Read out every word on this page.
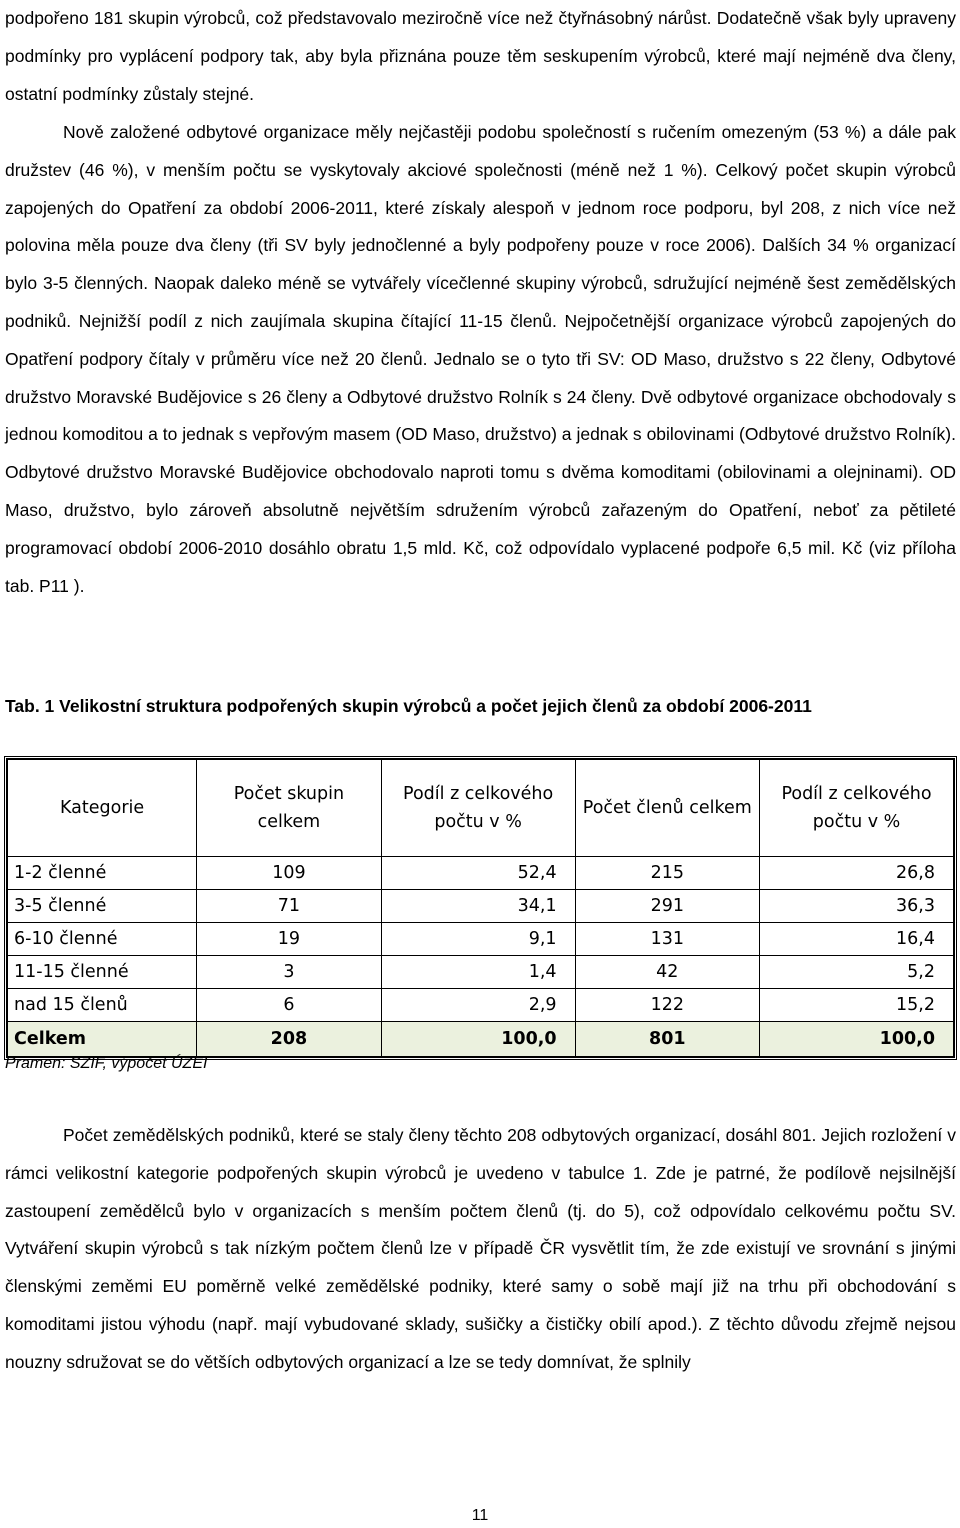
podpořeno 181 skupin výrobců, což představovalo meziročně více než čtyřnásobný nárůst. Dodatečně však byly upraveny podmínky pro vyplácení podpory tak, aby byla přiznána pouze těm seskupením výrobců, které mají nejméně dva členy, ostatní podmínky zůstaly stejné.

Nově založené odbytové organizace měly nejčastěji podobu společností s ručením omezeným (53 %) a dále pak družstev (46 %), v menším počtu se vyskytovaly akciové společnosti (méně než 1 %). Celkový počet skupin výrobců zapojených do Opatření za období 2006-2011, které získaly alespoň v jednom roce podporu, byl 208, z nich více než polovina měla pouze dva členy (tři SV byly jednočlenné a byly podpořeny pouze v roce 2006). Dalších 34 % organizací bylo 3-5 členných. Naopak daleko méně se vytvářely vícečlenné skupiny výrobců, sdružující nejméně šest zemědělských podniků. Nejnižší podíl z nich zaujímala skupina čítající 11-15 členů. Nejpočetnější organizace výrobců zapojených do Opatření podpory čítaly v průměru více než 20 členů. Jednalo se o tyto tři SV: OD Maso, družstvo s 22 členy, Odbytové družstvo Moravské Budějovice s 26 členy a Odbytové družstvo Rolník s 24 členy. Dvě odbytové organizace obchodovaly s jednou komoditou a to jednak s vepřovým masem (OD Maso, družstvo) a jednak s obilovinami (Odbytové družstvo Rolník). Odbytové družstvo Moravské Budějovice obchodovalo naproti tomu s dvěma komoditami (obilovinami a olejninami). OD Maso, družstvo, bylo zároveň absolutně největším sdružením výrobců zařazeným do Opatření, neboť za pětileté programovací období 2006-2010 dosáhlo obratu 1,5 mld. Kč, což odpovídalo vyplacené podpoře 6,5 mil. Kč (viz příloha tab. P11 ).

Tab. 1 Velikostní struktura podpořených skupin výrobců a počet jejich členů za období 2006-2011

Kategorie	Počet skupin celkem	Podíl z celkového počtu v %	Počet členů celkem	Podíl z celkového počtu v %
1-2 členné	109	52,4	215	26,8
3-5 členné	71	34,1	291	36,3
6-10 členné	19	9,1	131	16,4
11-15 členné	3	1,4	42	5,2
nad 15 členů	6	2,9	122	15,2
Celkem	208	100,0	801	100,0
Pramen: SZIF, výpočet ÚZEI

Počet zemědělských podniků, které se staly členy těchto 208 odbytových organizací, dosáhl 801. Jejich rozložení v rámci velikostní kategorie podpořených skupin výrobců je uvedeno v tabulce 1. Zde je patrné, že podílově nejsilnější zastoupení zemědělců bylo v organizacích s menším počtem členů (tj. do 5), což odpovídalo celkovému počtu SV. Vytváření skupin výrobců s tak nízkým počtem členů lze v případě ČR vysvětlit tím, že zde existují ve srovnání s jinými členskými zeměmi EU poměrně velké zemědělské podniky, které samy o sobě mají již na trhu při obchodování s komoditami jistou výhodu (např. mají vybudované sklady, sušičky a čističky obilí apod.). Z těchto důvodu zřejmě nejsou nouzny sdružovat se do větších odbytových organizací a lze se tedy domnívat, že splnily

11
